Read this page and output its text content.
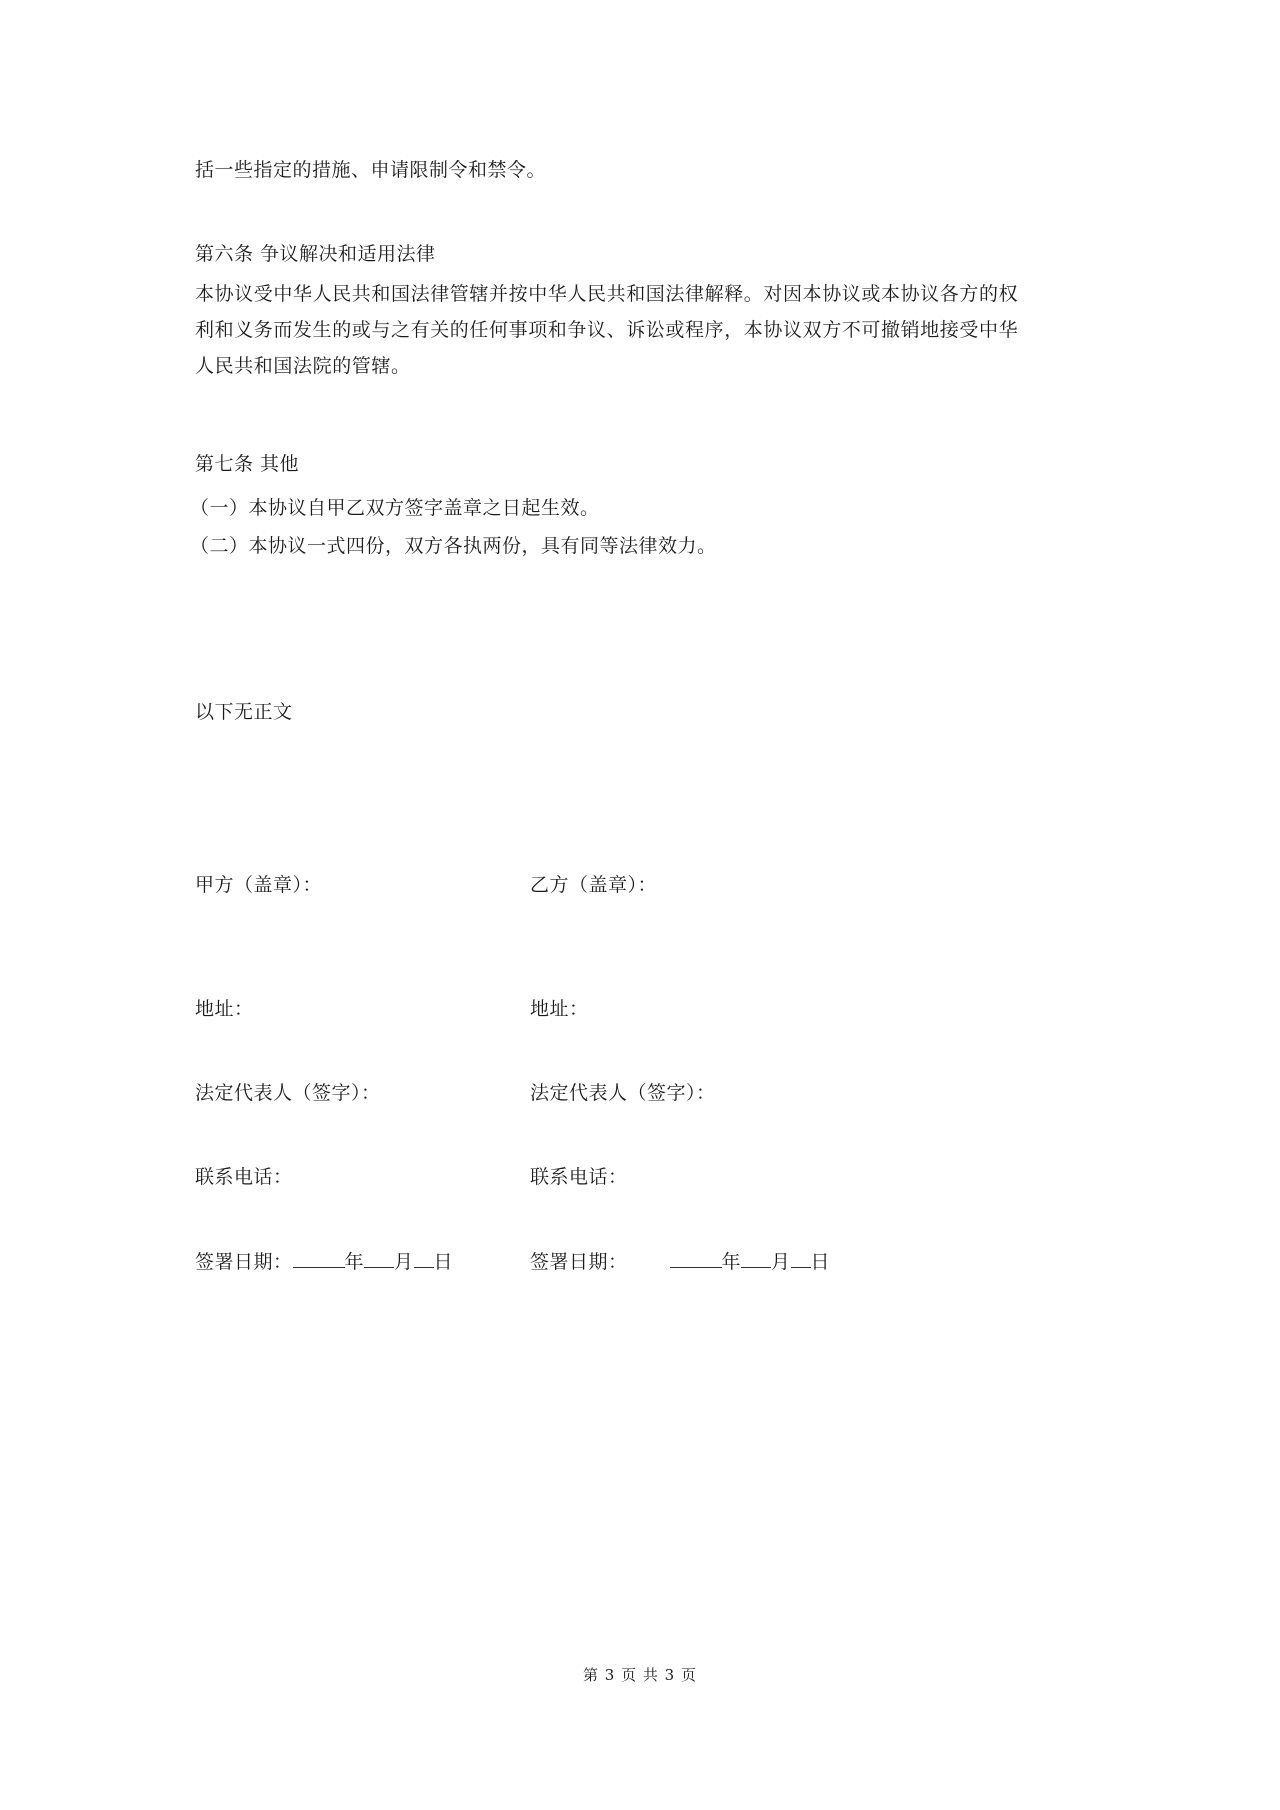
括一些指定的措施、申请限制令和禁令。
第六条 争议解决和适用法律
本协议受中华人民共和国法律管辖并按中华人民共和国法律解释。对因本协议或本协议各方的权
利和义务而发生的或与之有关的任何事项和争议、诉讼或程序，本协议双方不可撤销地接受中华
人民共和国法院的管辖。
第七条 其他
（一）本协议自甲乙双方签字盖章之日起生效。
（二）本协议一式四份，双方各执两份，具有同等法律效力。
以下无正文
甲方（盖章）：
地址：
法定代表人（签字）：
联系电话：
签署日期：	年 月 日
乙方（盖章）：
地址：
法定代表人（签字）：
联系电话：
签署日期：	年 月 日
第 3 页 共 3 页
